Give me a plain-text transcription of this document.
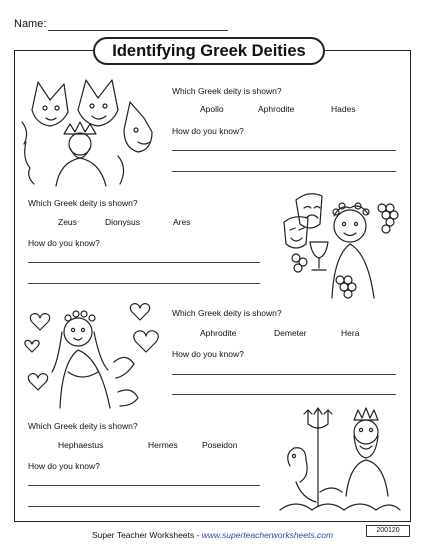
Name:
Identifying Greek Deities
Which Greek deity is shown?
Apollo	Aphrodite	Hades
How do you know?
Which Greek deity is shown?
Zeus	Dionysus	Ares
How do you know?
Which Greek deity is shown?
Aphrodite	Demeter	Hera
How do you know?
Which Greek deity is shown?
Hephaestus	Hermes	Poseidon
How do you know?
Super Teacher Worksheets - www.superteacherworksheets.com	200120
